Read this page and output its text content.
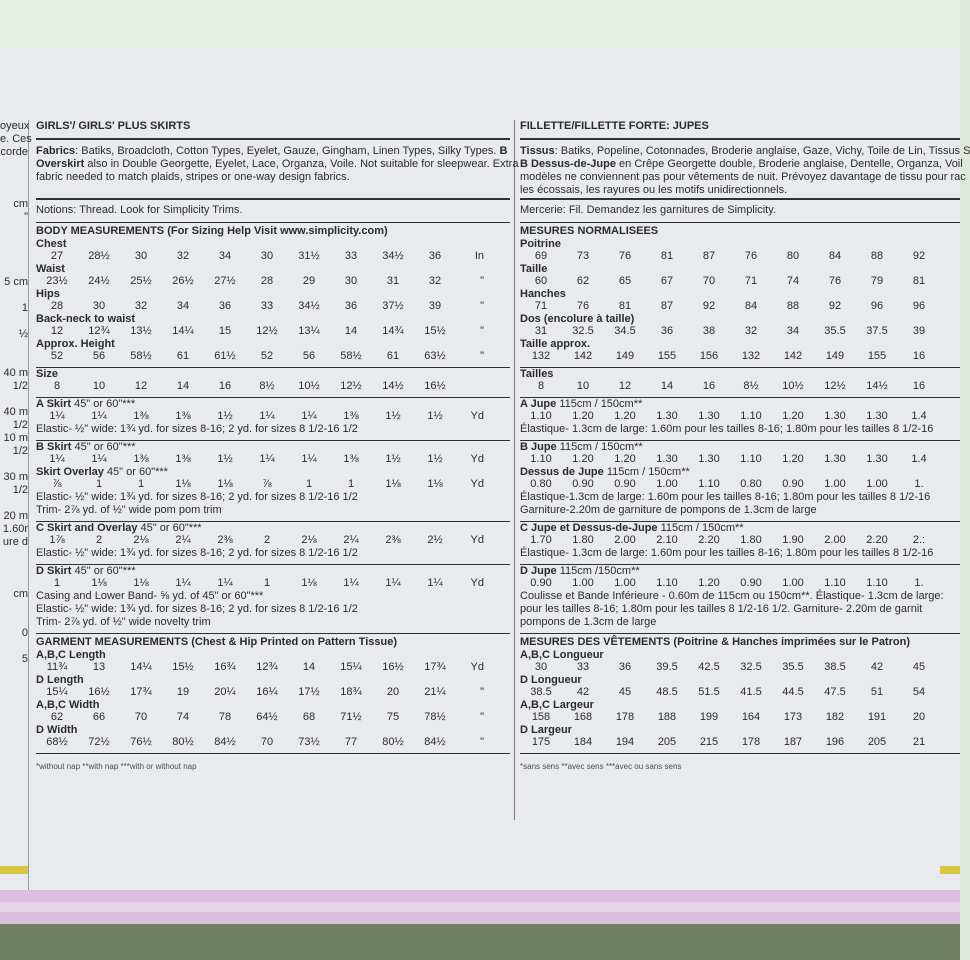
oyeux
e. Ces
corde
cm
"
5 cm
1
½
40 m
1/2
40 m
1/2
10 m
1/2
30 m
1/2
20 m
1.60r
ure d
cm
0
5
GIRLS'/ GIRLS' PLUS SKIRTS
Fabrics: Batiks, Broadcloth, Cotton Types, Eyelet, Gauze, Gingham, Linen Types, Silky Types. B
Overskirt also in Double Georgette, Eyelet, Lace, Organza, Voile. Not suitable for sleepwear. Extra
fabric needed to match plaids, stripes or one-way design fabrics.
Notions: Thread. Look for Simplicity Trims.
BODY MEASUREMENTS (For Sizing Help Visit www.simplicity.com)
Chest
27	28½	30	32	34	30	31½	33	34½	36	In
Waist
23½	24½	25½	26½	27½	28	29	30	31	32	"
Hips
28	30	32	34	36	33	34½	36	37½	39	"
Back-neck to waist
12	12¾	13½	14¼	15	12½	13¼	14	14¾	15½	"
Approx. Height
52	56	58½	61	61½	52	56	58½	61	63½	"
Size
8	10	12	14	16	8½	10½	12½	14½	16½
A Skirt 45" or 60"***
1¼	1¼	1⅜	1⅜	1½	1¼	1¼	1⅜	1½	1½	Yd
Elastic- ½" wide: 1¾ yd. for sizes 8-16; 2 yd. for sizes 8 1/2-16 1/2
B Skirt 45" or 60"***
1¼	1¼	1⅜	1⅜	1½	1¼	1¼	1⅜	1½	1½	Yd
Skirt Overlay 45" or 60"***
⅞	1	1	1⅛	1⅛	⅞	1	1	1⅛	1⅛	Yd
Elastic- ½" wide: 1¾ yd. for sizes 8-16; 2 yd. for sizes 8 1/2-16 1/2
Trim- 2⅞ yd. of ½" wide pom pom trim
C Skirt and Overlay 45" or 60"***
1⅞	2	2⅛	2¼	2⅜	2	2⅛	2¼	2⅜	2½	Yd
Elastic- ½" wide: 1¾ yd. for sizes 8-16; 2 yd. for sizes 8 1/2-16 1/2
D Skirt 45" or 60"***
1	1⅛	1⅛	1¼	1¼	1	1⅛	1¼	1¼	1¼	Yd
Casing and Lower Band- ⅝ yd. of 45" or 60"***
Elastic- ½" wide: 1¾ yd. for sizes 8-16; 2 yd. for sizes 8 1/2-16 1/2
Trim- 2⅞ yd. of ½" wide novelty trim
GARMENT MEASUREMENTS (Chest & Hip Printed on Pattern Tissue)
A,B,C Length
11¾	13	14¼	15½	16¾	12¾	14	15¼	16½	17¾	Yd
D Length
15¼	16½	17¾	19	20¼	16¼	17½	18¾	20	21¼	"
A,B,C Width
62	66	70	74	78	64½	68	71½	75	78½	"
D Width
68½	72½	76½	80½	84½	70	73½	77	80½	84½	"
*without nap **with nap ***with or without nap
FILLETTE/FILLETTE FORTE: JUPES
Tissus: Batiks, Popeline, Cotonnades, Broderie anglaise, Gaze, Vichy, Toile de Lin, Tissus S
B Dessus-de-Jupe en Crêpe Georgette double, Broderie anglaise, Dentelle, Organza, Voil
modèles ne conviennent pas pour vêtements de nuit. Prévoyez davantage de tissu pour rac
les écossais, les rayures ou les motifs unidirectionnels.
Mercerie: Fil. Demandez les garnitures de Simplicity.
MESURES NORMALISEES
Poitrine
69	73	76	81	87	76	80	84	88	92
Taille
60	62	65	67	70	71	74	76	79	81
Hanches
71	76	81	87	92	84	88	92	96	96
Dos (encolure à taille)
31	32.5	34.5	36	38	32	34	35.5	37.5	39
Taille approx.
132	142	149	155	156	132	142	149	155	16
Tailles
8	10	12	14	16	8½	10½	12½	14½	16
A Jupe 115cm / 150cm**
1.10	1.20	1.20	1.30	1.30	1.10	1.20	1.30	1.30	1.4
Élastique- 1.3cm de large: 1.60m pour les tailles 8-16; 1.80m pour les tailles 8 1/2-16
B Jupe 115cm / 150cm**
1.10	1.20	1.20	1.30	1.30	1.10	1.20	1.30	1.30	1.4
Dessus de Jupe 115cm / 150cm**
0.80	0.90	0.90	1.00	1.10	0.80	0.90	1.00	1.00	1.
Élastique-1.3cm de large: 1.60m pour les tailles 8-16; 1.80m pour les tailles 8 1/2-16
Garniture-2.20m de garniture de pompons de 1.3cm de large
C Jupe et Dessus-de-Jupe 115cm / 150cm**
1.70	1.80	2.00	2.10	2.20	1.80	1.90	2.00	2.20	2.:
Élastique- 1.3cm de large: 1.60m pour les tailles 8-16; 1.80m pour les tailles 8 1/2-16
D Jupe 115cm /150cm**
0.90	1.00	1.00	1.10	1.20	0.90	1.00	1.10	1.10	1.
Coulisse et Bande Inférieure - 0.60m de 115cm ou 150cm**. Élastique- 1.3cm de large:
pour les tailles 8-16; 1.80m pour les tailles 8 1/2-16 1/2. Garniture- 2.20m de garnit
pompons de 1.3cm de large
MESURES DES VÊTEMENTS (Poitrine & Hanches imprimées sur le Patron)
A,B,C Longueur
30	33	36	39.5	42.5	32.5	35.5	38.5	42	45
D Longueur
38.5	42	45	48.5	51.5	41.5	44.5	47.5	51	54
A,B,C Largeur
158	168	178	188	199	164	173	182	191	20
D Largeur
175	184	194	205	215	178	187	196	205	21
*sans sens **avec sens ***avec ou sans sens
